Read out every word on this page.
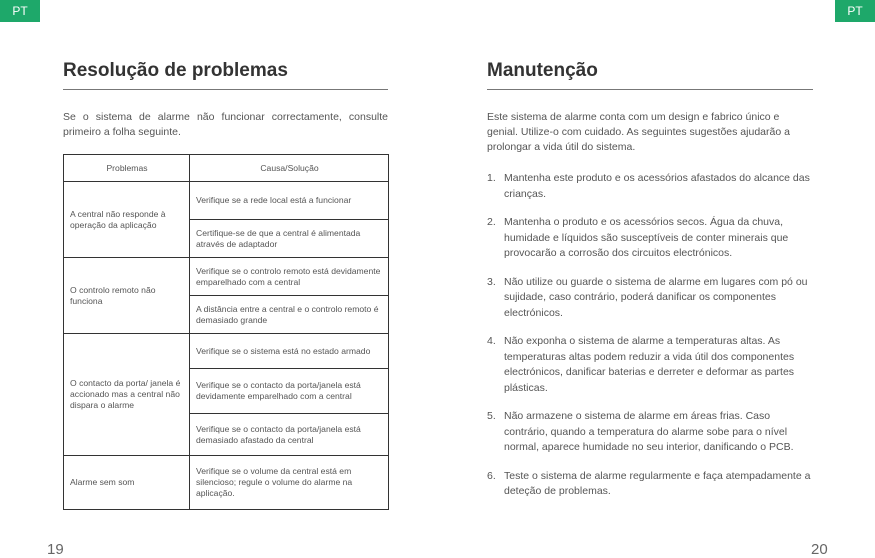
PT	PT
Resolução de problemas

Se o sistema de alarme não funcionar correctamente, consulte primeiro a folha seguinte.

Problemas	Causa/Solução
A central não responde à operação da aplicação	Verifique se a rede local está a funcionar
	Certifique-se de que a central é alimentada através de adaptador
O controlo remoto não funciona	Verifique se o controlo remoto está devidamente emparelhado com a central
	A distância entre a central e o controlo remoto é demasiado grande
O contacto da porta/ janela é accionado mas a central não dispara o alarme	Verifique se o sistema está no estado armado
	Verifique se o contacto da porta/janela está devidamente emparelhado com a central
	Verifique se o contacto da porta/janela está demasiado afastado da central
Alarme sem som	Verifique se o volume da central está em silencioso; regule o volume do alarme na aplicação.
Manutenção

Este sistema de alarme conta com um design e fabrico único e genial. Utilize-o com cuidado. As seguintes sugestões ajudarão a prolongar a vida útil do sistema.

1. Mantenha este produto e os acessórios afastados do alcance das crianças.
2. Mantenha o produto e os acessórios secos. Água da chuva, humidade e líquidos são susceptíveis de conter minerais que provocarão a corrosão dos circuitos electrónicos.
3. Não utilize ou guarde o sistema de alarme em lugares com pó ou sujidade, caso contrário, poderá danificar os componentes electrónicos.
4. Não exponha o sistema de alarme a temperaturas altas. As temperaturas altas podem reduzir a vida útil dos componentes electrónicos, danificar baterias e derreter e deformar as partes plásticas.
5. Não armazene o sistema de alarme em áreas frias. Caso contrário, quando a temperatura do alarme sobe para o nível normal, aparece humidade no seu interior, danificando o PCB.
6. Teste o sistema de alarme regularmente e faça atempadamente a deteção de problemas.
19	20
